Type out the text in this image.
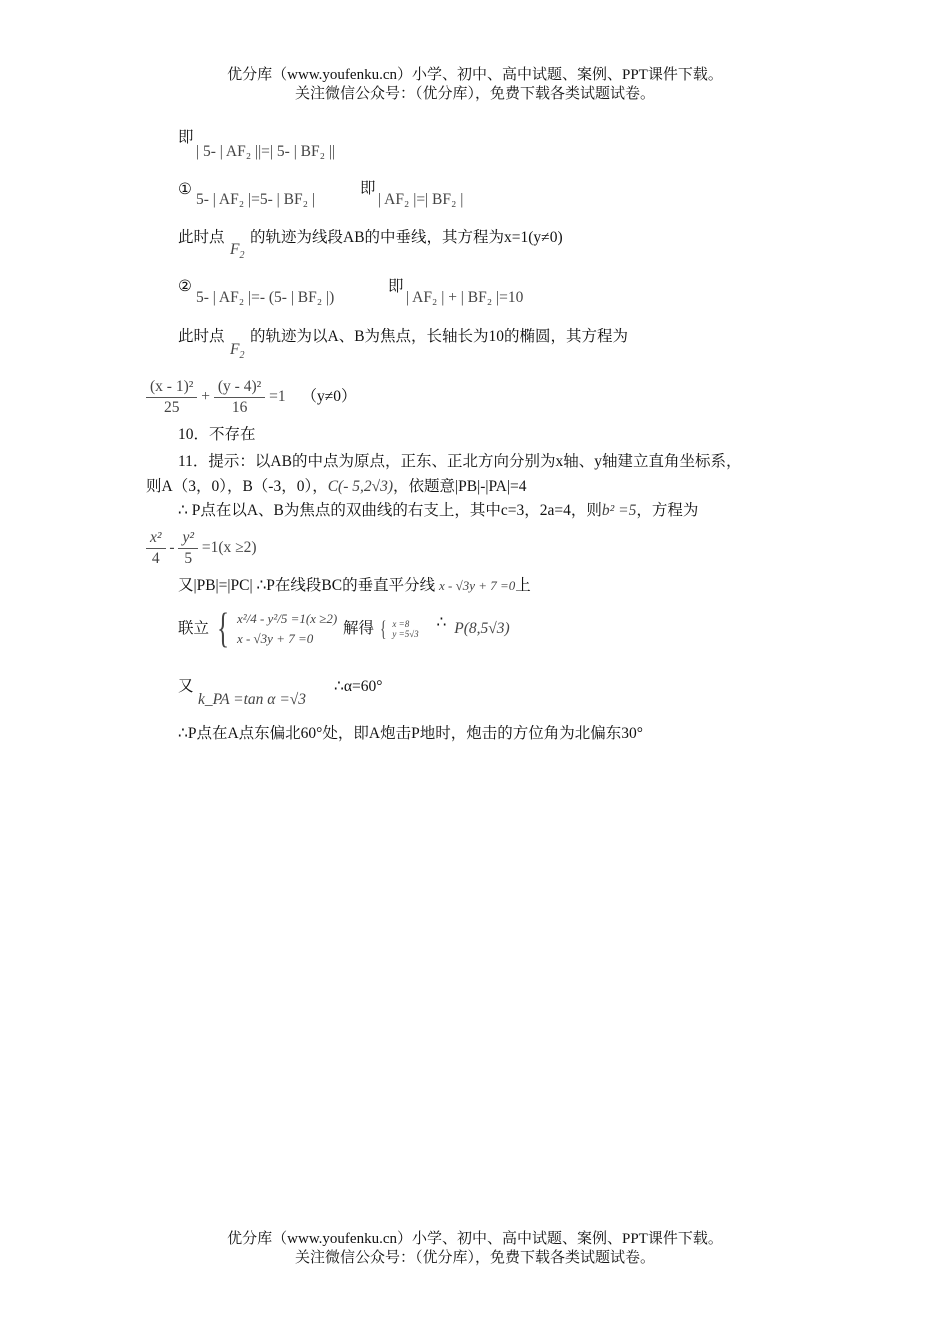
优分库（www.youfenku.cn）小学、初中、高中试题、案例、PPT课件下载。
关注微信公众号：（优分库），免费下载各类试题试卷。
即
| 5- | AF₂ ||=| 5- | BF₂ ||
①
5- | AF₂ |=5- | BF₂ |
即
| AF₂ |=| BF₂ |
此时点
$F_2$
的轨迹为线段AB的中垂线，其方程为x=1(y≠0)
②
5- | AF₂ |=- (5- | BF₂ |)
即
| AF₂ | + | BF₂ |=10
此时点
$F_2$
的轨迹为以A、B为焦点，长轴长为10的椭圆，其方程为
$\frac{\text{(x - 1)²}}{25} + \frac{\text{(y - 4)²}}{16} =1$ （y≠0）
10．不存在
11．提示：以AB的中点为原点，正东、正北方向分别为x轴、y轴建立直角坐标系，
则A（3，0），B（-3，0），C(- 5,2√3)，依题意|PB|-|PA|=4
∴ P点在以A、B为焦点的双曲线的右支上，其中c=3，2a=4，则b² =5，方程为
$\frac{\text{x²}}{4} - \frac{\text{y²}}{5} =1(x \ge 2)$
又|PB|=|PC| ∴P在线段BC的垂直平分线 x - √3y + 7 =0上
联立 { x²/4 - y²/5 =1(x ≥2)
x - √3y + 7 =0
解得 { x =8
y =5√3
∴ P(8,5√3)
又
k_PA =tan α =√3
∴α=60°
∴P点在A点东偏北60°处，即A炮击P地时，炮击的方位角为北偏东30°
优分库（www.youfenku.cn）小学、初中、高中试题、案例、PPT课件下载。
关注微信公众号：（优分库），免费下载各类试题试卷。
